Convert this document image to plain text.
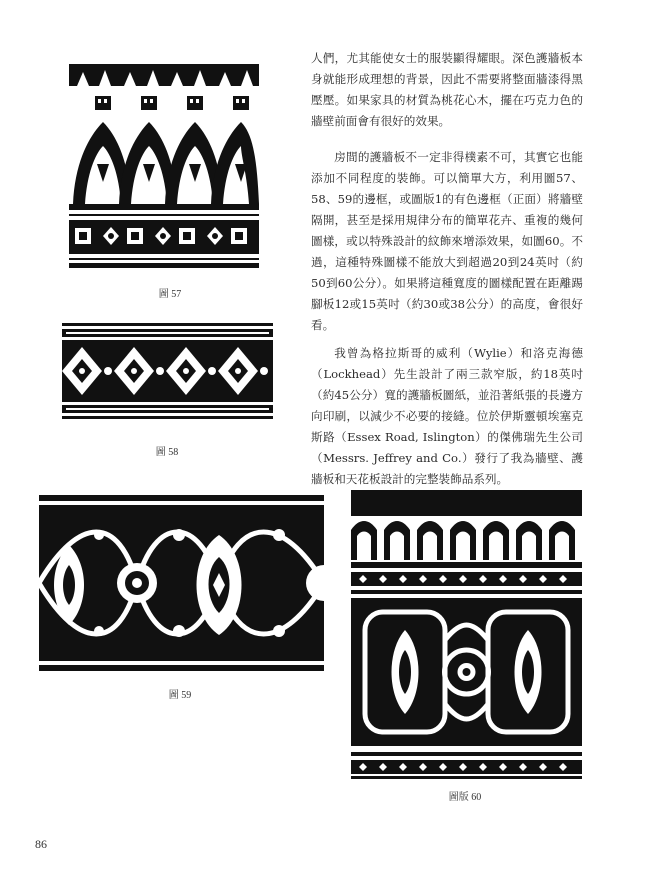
圖 57
圖 58
圖 59
圖版 60

人們，尤其能使女士的服裝顯得耀眼。深色護牆板本身就能形成理想的背景，因此不需要將整面牆漆得黑壓壓。如果家具的材質為桃花心木，擺在巧克力色的牆壁前面會有很好的效果。

房間的護牆板不一定非得樸素不可，其實它也能添加不同程度的裝飾。可以簡單大方，利用圖57、58、59的邊框，或圖版1的有色邊框（正面）將牆壁隔開，甚至是採用規律分布的簡單花卉、重複的幾何圖樣，或以特殊設計的紋飾來增添效果，如圖60。不過，這種特殊圖樣不能放大到超過20到24英吋（約50到60公分）。如果將這種寬度的圖樣配置在距離踢腳板12或15英吋（約30或38公分）的高度，會很好看。

我曾為格拉斯哥的威利（Wylie）和洛克海德（Lockhead）先生設計了兩三款窄版，約18英吋（約45公分）寬的護牆板圖紙，並沿著紙張的長邊方向印刷，以減少不必要的接縫。位於伊斯靈頓埃塞克斯路（Essex Road, Islington）的傑佛瑞先生公司（Messrs. Jeffrey and Co.）發行了我為牆壁、護牆板和天花板設計的完整裝飾品系列。

86
